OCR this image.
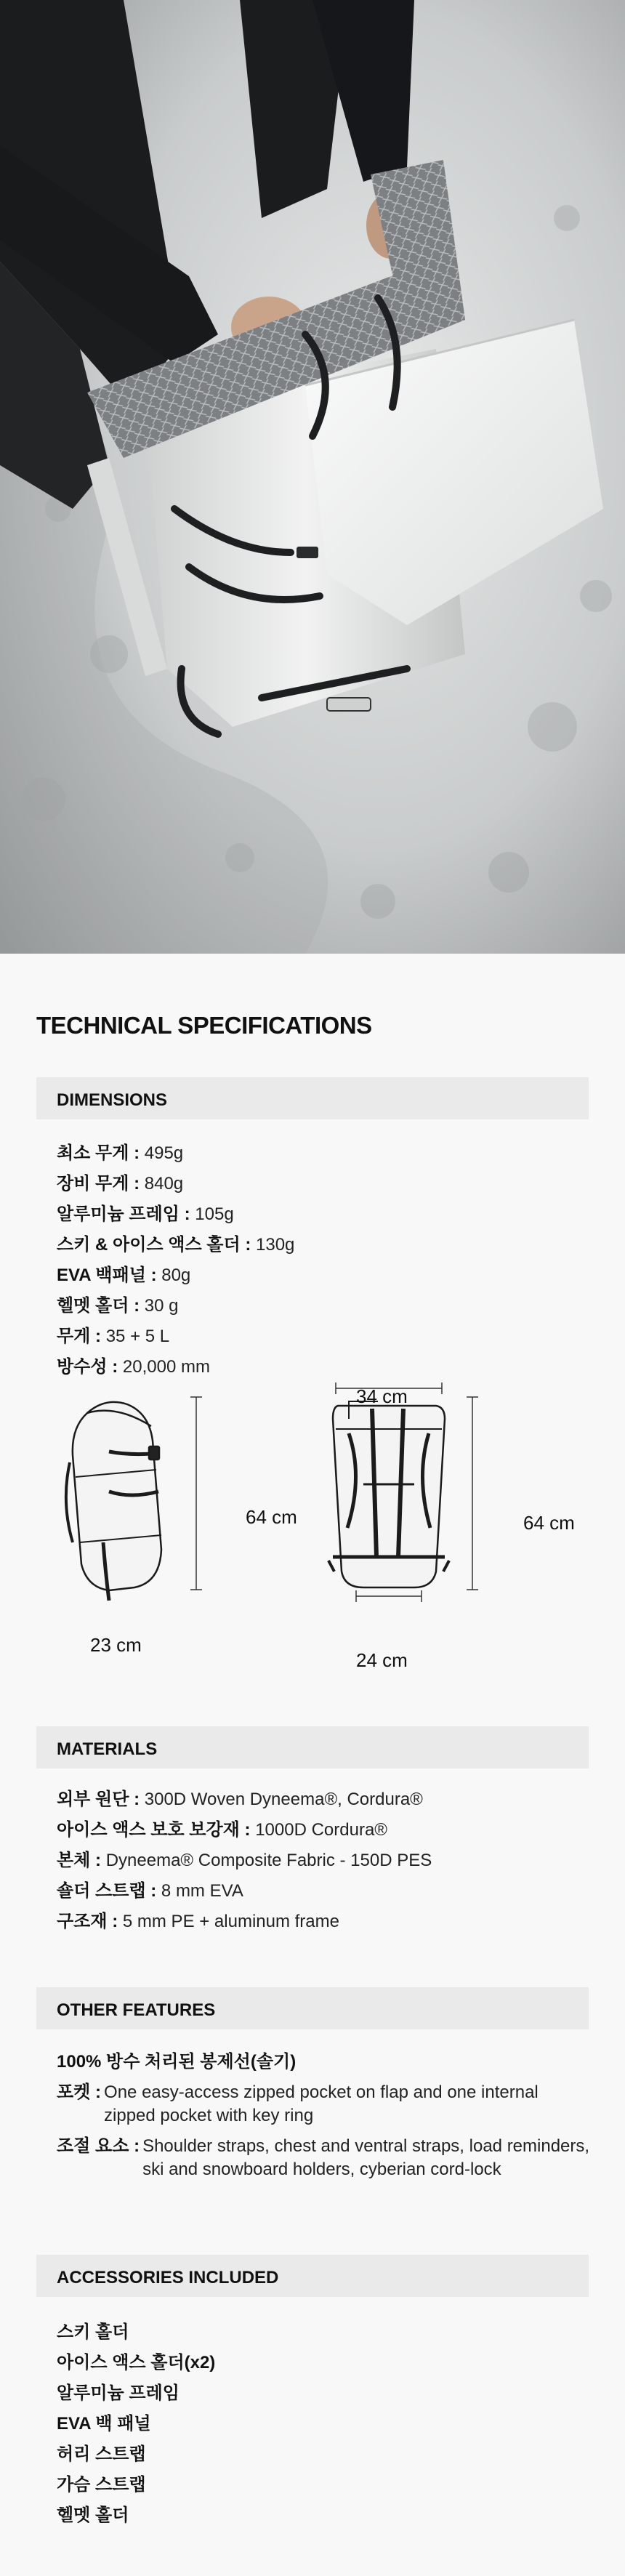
TECHNICAL SPECIFICATIONS
DIMENSIONS
최소 무게 : 495g
장비 무게 : 840g
알루미늄 프레임 : 105g
스키 & 아이스 액스 홀더 : 130g
EVA 백패널 : 80g
헬멧 홀더 : 30 g
무게 : 35 + 5 L
방수성 : 20,000 mm
23 cm
64 cm
34 cm
64 cm
24 cm
MATERIALS
외부 원단 : 300D Woven Dyneema®, Cordura®
아이스 액스 보호 보강재 : 1000D Cordura®
본체 : Dyneema® Composite Fabric - 150D PES
숄더 스트랩 : 8 mm EVA
구조재 : 5 mm PE + aluminum frame
OTHER FEATURES
100% 방수 처리된 봉제선(솔기)
포켓 : One easy-access zipped pocket on flap and one internal zipped pocket with key ring
조절 요소 : Shoulder straps, chest and ventral straps, load reminders, ski and snowboard holders, cyberian cord-lock
ACCESSORIES INCLUDED
스키 홀더
아이스 액스 홀더(x2)
알루미늄 프레임
EVA 백 패널
허리 스트랩
가슴 스트랩
헬멧 홀더
